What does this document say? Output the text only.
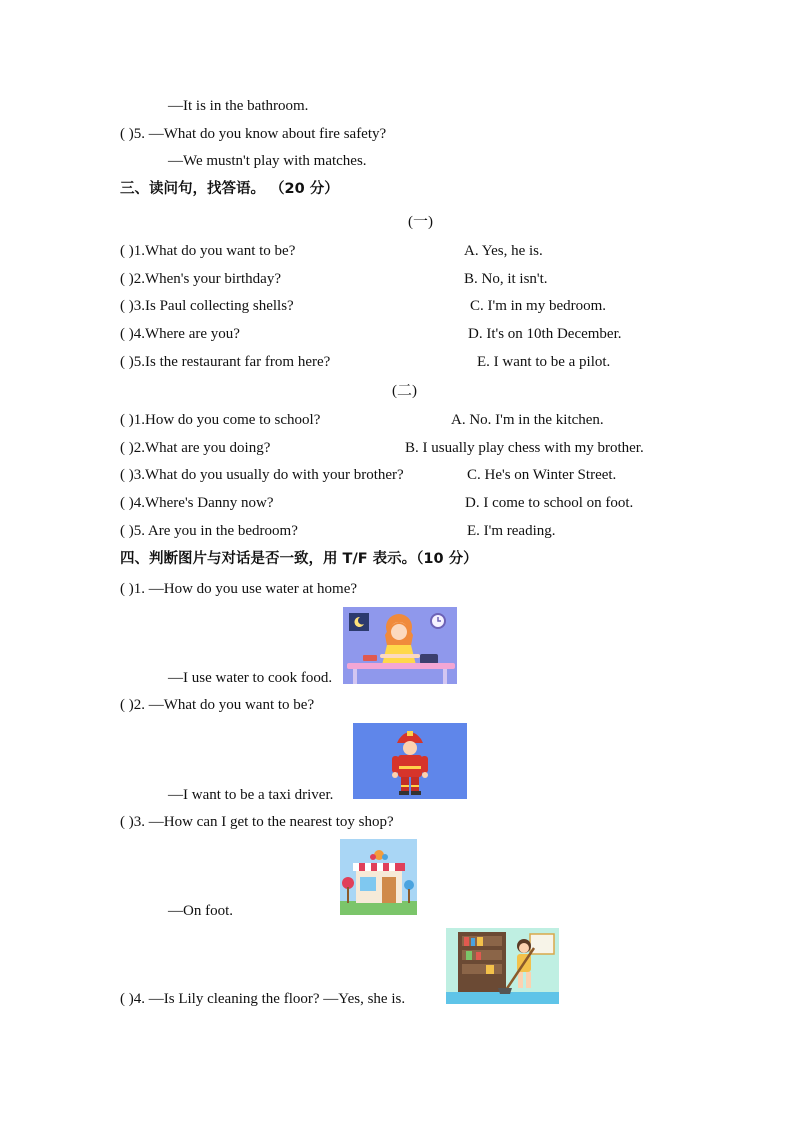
—It is in the bathroom.
( )5. —What do you know about fire safety?
—We mustn't play with matches.
三、读问句，找答语。 （20 分）
(一)
( )1.What do you want to be?	A. Yes, he is.
( )2.When's your birthday?	B. No, it isn't.
( )3.Is Paul collecting shells?	C. I'm in my bedroom.
( )4.Where are you?	D. It's on 10th December.
( )5.Is the restaurant far from here?	E. I want to be a pilot.
(二)
( )1.How do you come to school?	A. No. I'm in the kitchen.
( )2.What are you doing?	B. I usually play chess with my brother.
( )3.What do you usually do with your brother?	C. He's on Winter Street.
( )4.Where's Danny now?	D. I come to school on foot.
( )5. Are you in the bedroom?	E. I'm reading.
四、判断图片与对话是否一致，用 T/F 表示。（10 分）
( )1. —How do you use water at home?
—I use water to cook food.
( )2. —What do you want to be?
—I want to be a taxi driver.
( )3. —How can I get to the nearest toy shop?
—On foot.
( )4. —Is Lily cleaning the floor? —Yes, she is.
